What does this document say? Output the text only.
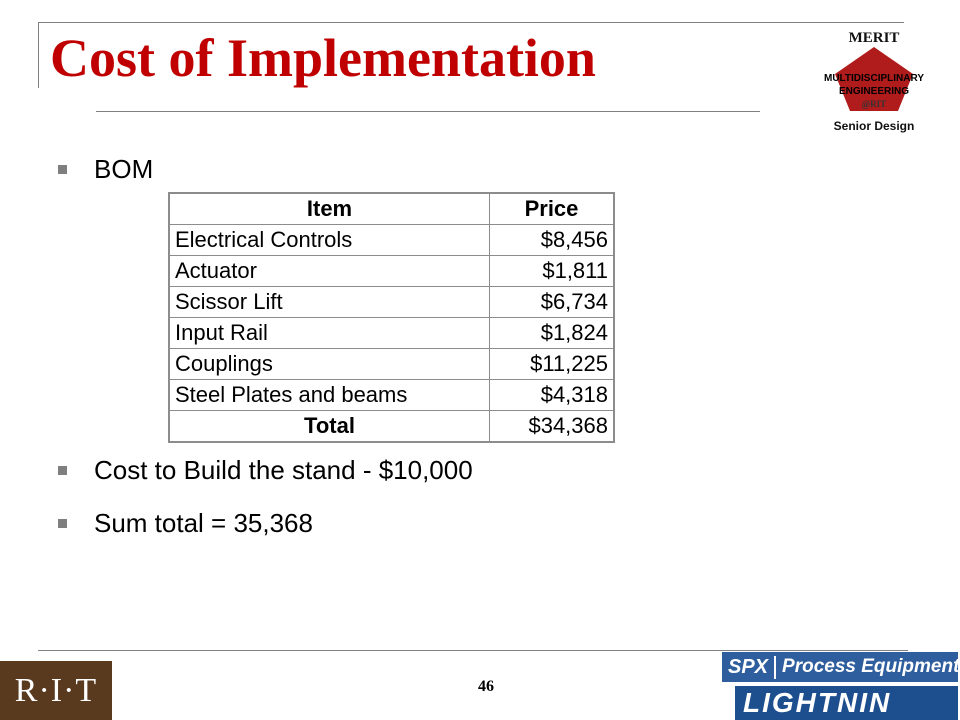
Cost of Implementation	MERIT
MULTIDISCIPLINARY
ENGINEERING
@RIT
Senior Design
BOM
Item	Price
Electrical Controls	$8,456
Actuator	$1,811
Scissor Lift	$6,734
Input Rail	$1,824
Couplings	$11,225
Steel Plates and beams	$4,318
Total	$34,368
Cost to Build the stand - $10,000
Sum total = 35,368
R·I·T	46
SPX Process Equipment
LIGHTNIN
